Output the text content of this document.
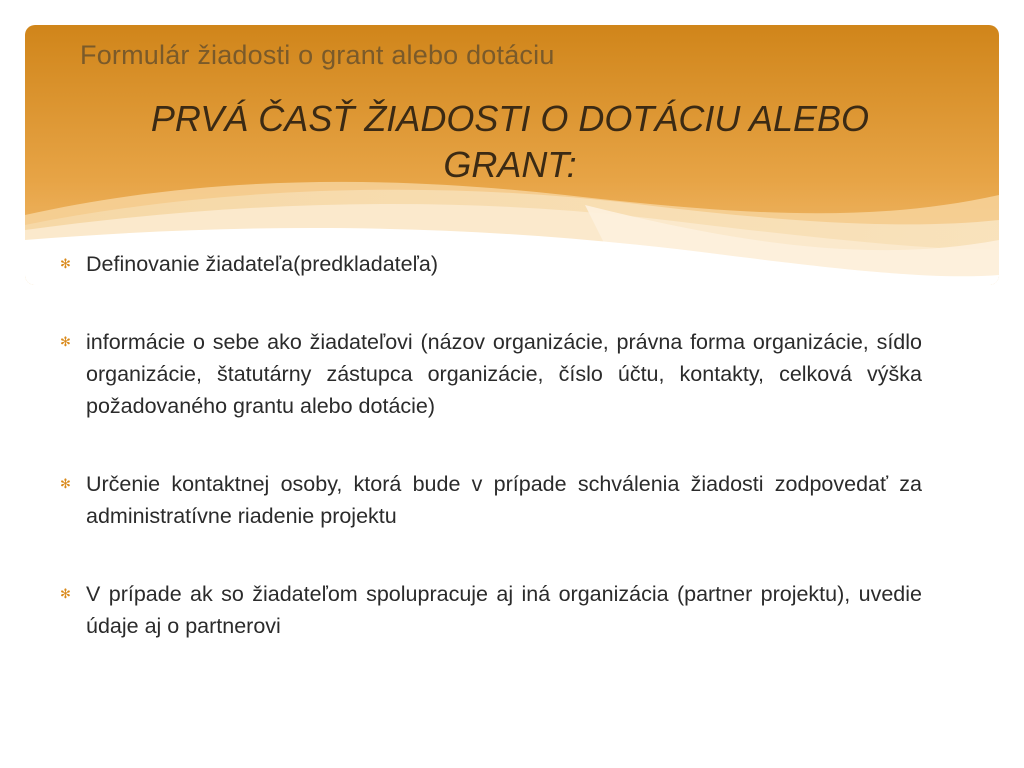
Formulár žiadosti o grant alebo dotáciu
PRVÁ ČASŤ ŽIADOSTI O DOTÁCIU ALEBO GRANT:
✻ Definovanie žiadateľa(predkladateľa)
✻ informácie o sebe ako žiadateľovi (názov organizácie, právna forma organizácie, sídlo organizácie, štatutárny zástupca organizácie, číslo účtu, kontakty, celková výška požadovaného grantu alebo dotácie)
✻ Určenie kontaktnej osoby, ktorá bude v prípade schválenia žiadosti zodpovedať za administratívne riadenie projektu
✻ V prípade ak so žiadateľom spolupracuje aj iná organizácia (partner projektu), uvedie údaje aj o partnerovi
